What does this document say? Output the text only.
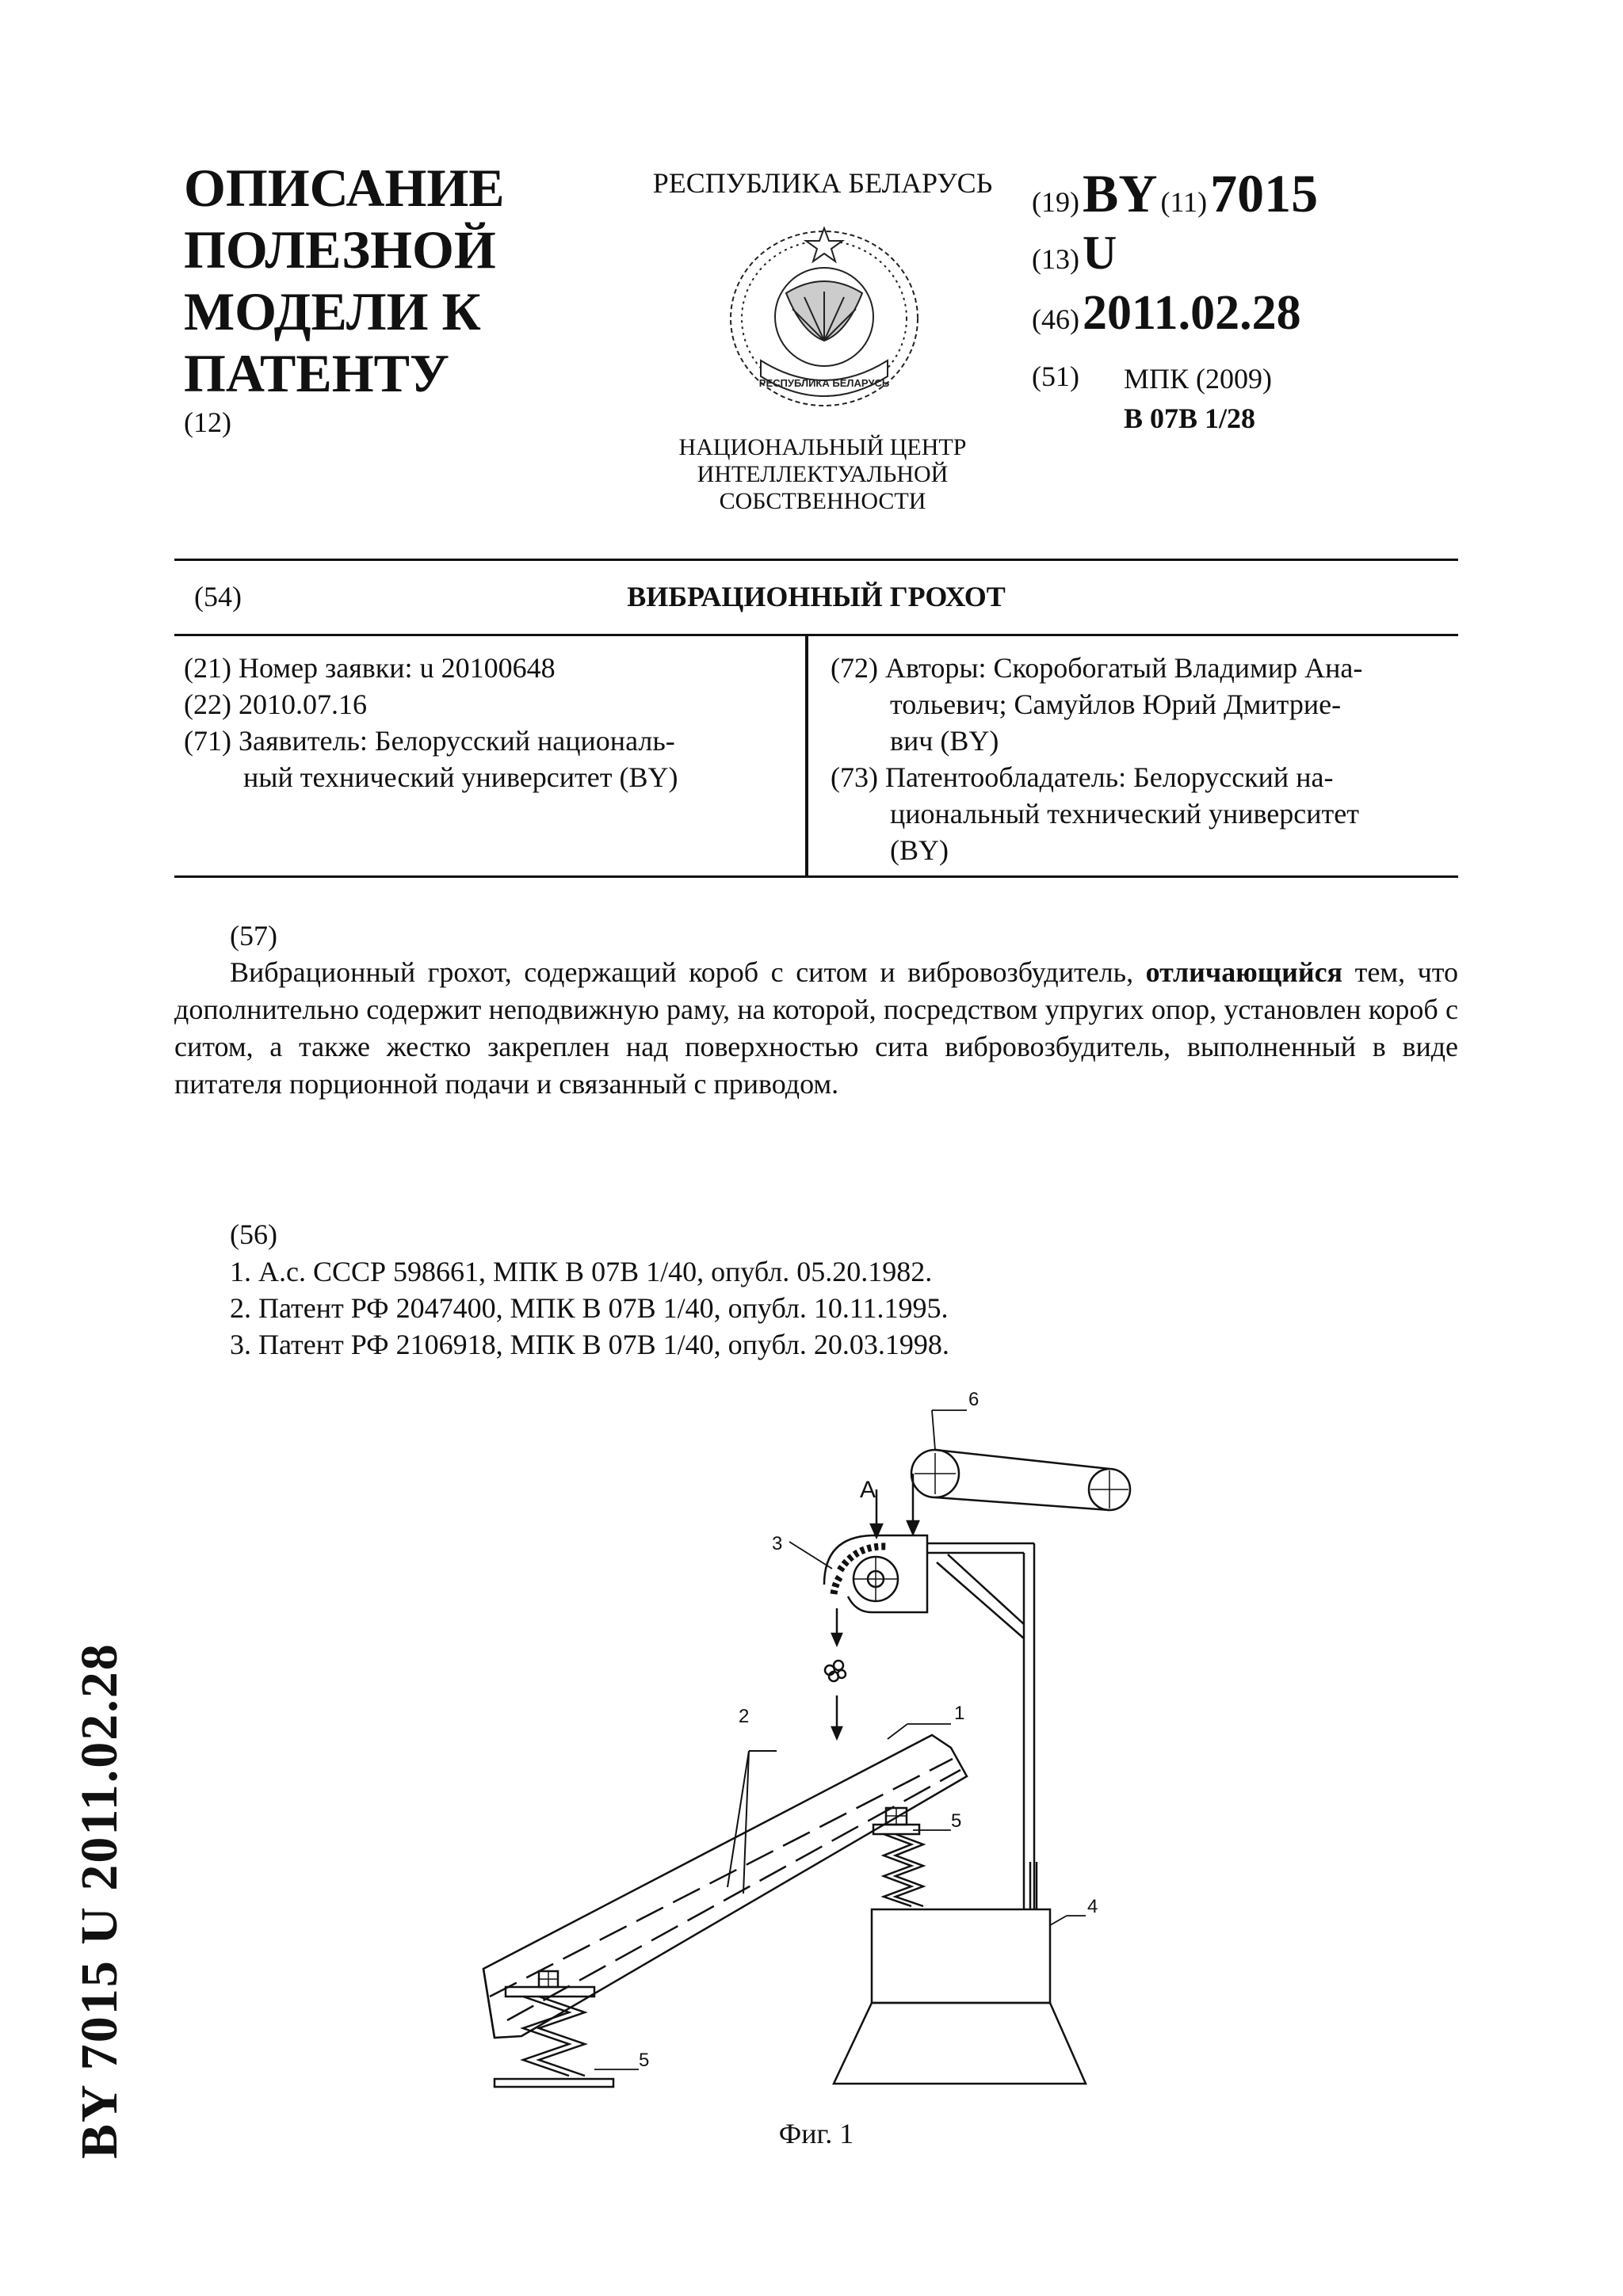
ОПИСАНИЕ
ПОЛЕЗНОЙ
МОДЕЛИ К
ПАТЕНТУ
(12)
РЕСПУБЛИКА БЕЛАРУСЬ
РЕСПУБЛИКА БЕЛАРУСЬ
НАЦИОНАЛЬНЫЙ ЦЕНТР
ИНТЕЛЛЕКТУАЛЬНОЙ
СОБСТВЕННОСТИ
(19) BY (11) 7015
(13) U
(46) 2011.02.28
(51) МПК (2009)
B 07B 1/28
(54)	ВИБРАЦИОННЫЙ ГРОХОТ
(21) Номер заявки: u 20100648
(22) 2010.07.16
(71) Заявитель: Белорусский националь-
ный технический университет (BY)
(72) Авторы: Скоробогатый Владимир Ана-
тольевич; Самуйлов Юрий Дмитрие-
вич (BY)
(73) Патентообладатель: Белорусский на-
циональный технический университет
(BY)
(57)
Вибрационный грохот, содержащий короб с ситом и вибровозбудитель, отличающийся тем, что дополнительно содержит неподвижную раму, на которой, посредством упругих опор, установлен короб с ситом, а также жестко закреплен над поверхностью сита вибровозбудитель, выполненный в виде питателя порционной подачи и связанный с приводом.
(56)
1. А.с. СССР 598661, МПК B 07B 1/40, опубл. 05.20.1982.
2. Патент РФ 2047400, МПК B 07B 1/40, опубл. 10.11.1995.
3. Патент РФ 2106918, МПК B 07B 1/40, опубл. 20.03.1998.
BY 7015 U 2011.02.28
6
A
3
2	1
5
4
5
Фиг. 1
